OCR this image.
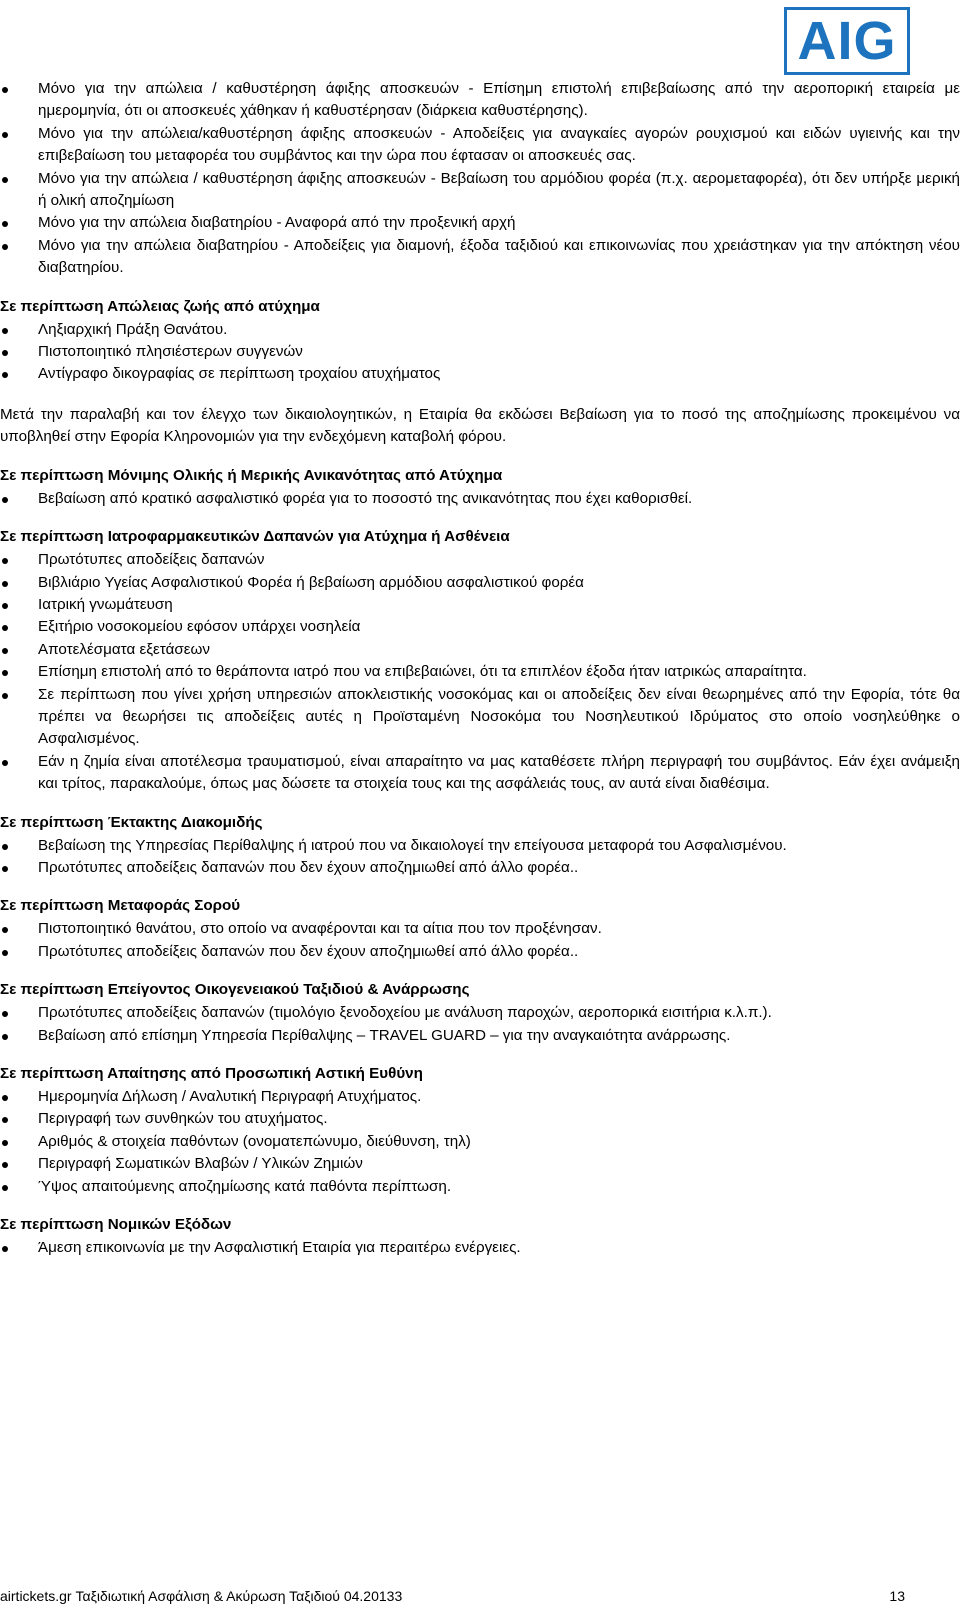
AIG
Μόνο για την απώλεια / καθυστέρηση άφιξης αποσκευών - Επίσημη επιστολή επιβεβαίωσης από την αεροπορική εταιρεία με ημερομηνία, ότι οι αποσκευές χάθηκαν ή καθυστέρησαν (διάρκεια καθυστέρησης).
Μόνο για την απώλεια/καθυστέρηση άφιξης αποσκευών - Αποδείξεις για αναγκαίες αγορών ρουχισμού και ειδών υγιεινής και την επιβεβαίωση του μεταφορέα του συμβάντος και την ώρα που έφτασαν οι αποσκευές σας.
Μόνο για την απώλεια / καθυστέρηση άφιξης αποσκευών - Βεβαίωση του αρμόδιου φορέα (π.χ. αερομεταφορέα), ότι δεν υπήρξε μερική ή ολική αποζημίωση
Μόνο για την απώλεια διαβατηρίου - Αναφορά από την προξενική αρχή
Μόνο για την απώλεια διαβατηρίου - Αποδείξεις για διαμονή, έξοδα ταξιδιού και επικοινωνίας που χρειάστηκαν για την απόκτηση νέου διαβατηρίου.
Σε περίπτωση Απώλειας ζωής από ατύχημα
Ληξιαρχική Πράξη Θανάτου.
Πιστοποιητικό πλησιέστερων συγγενών
Αντίγραφο δικογραφίας σε περίπτωση τροχαίου ατυχήματος
Μετά την παραλαβή και τον έλεγχο των δικαιολογητικών, η Εταιρία θα εκδώσει Βεβαίωση για το ποσό της αποζημίωσης προκειμένου να υποβληθεί στην Εφορία Κληρονομιών για την ενδεχόμενη καταβολή φόρου.
Σε περίπτωση Μόνιμης Ολικής ή Μερικής Ανικανότητας από Ατύχημα
Βεβαίωση από κρατικό ασφαλιστικό φορέα για το ποσοστό της ανικανότητας που έχει καθορισθεί.
Σε περίπτωση Ιατροφαρμακευτικών Δαπανών για Ατύχημα ή Ασθένεια
Πρωτότυπες αποδείξεις δαπανών
Βιβλιάριο Υγείας Ασφαλιστικού Φορέα ή βεβαίωση αρμόδιου ασφαλιστικού φορέα
Ιατρική γνωμάτευση
Εξιτήριο νοσοκομείου εφόσον υπάρχει νοσηλεία
Αποτελέσματα εξετάσεων
Επίσημη επιστολή από το θεράποντα ιατρό που να επιβεβαιώνει, ότι τα επιπλέον έξοδα ήταν ιατρικώς απαραίτητα.
Σε περίπτωση που γίνει χρήση υπηρεσιών αποκλειστικής νοσοκόμας και οι αποδείξεις δεν είναι θεωρημένες από την Εφορία, τότε θα πρέπει να θεωρήσει τις αποδείξεις αυτές η Προϊσταμένη Νοσοκόμα του Νοσηλευτικού Ιδρύματος στο οποίο νοσηλεύθηκε ο Ασφαλισμένος.
Εάν η ζημία είναι αποτέλεσμα τραυματισμού, είναι απαραίτητο να μας καταθέσετε πλήρη περιγραφή του συμβάντος. Εάν έχει ανάμειξη και τρίτος, παρακαλούμε, όπως μας δώσετε τα στοιχεία τους και της ασφάλειάς τους, αν αυτά είναι διαθέσιμα.
Σε περίπτωση Έκτακτης Διακομιδής
Βεβαίωση της Υπηρεσίας Περίθαλψης ή ιατρού που να δικαιολογεί την επείγουσα μεταφορά του Ασφαλισμένου.
Πρωτότυπες αποδείξεις δαπανών που δεν έχουν αποζημιωθεί από άλλο φορέα..
Σε περίπτωση Μεταφοράς Σορού
Πιστοποιητικό θανάτου, στο οποίο να αναφέρονται και τα αίτια που τον προξένησαν.
Πρωτότυπες αποδείξεις δαπανών που δεν έχουν αποζημιωθεί από άλλο φορέα..
Σε περίπτωση Επείγοντος Οικογενειακού Ταξιδιού & Ανάρρωσης
Πρωτότυπες αποδείξεις δαπανών (τιμολόγιο ξενοδοχείου με ανάλυση παροχών, αεροπορικά εισιτήρια κ.λ.π.).
Βεβαίωση από επίσημη Υπηρεσία Περίθαλψης – TRAVEL GUARD – για την αναγκαιότητα ανάρρωσης.
Σε περίπτωση Απαίτησης από Προσωπική Αστική Ευθύνη
Ημερομηνία Δήλωση / Αναλυτική Περιγραφή Ατυχήματος.
Περιγραφή των συνθηκών του ατυχήματος.
Αριθμός & στοιχεία παθόντων (ονοματεπώνυμο, διεύθυνση, τηλ)
Περιγραφή Σωματικών Βλαβών / Υλικών Ζημιών
Ύψος απαιτούμενης αποζημίωσης κατά παθόντα περίπτωση.
Σε περίπτωση Νομικών Εξόδων
Άμεση επικοινωνία με την Ασφαλιστική Εταιρία για περαιτέρω ενέργειες.
airtickets.gr Ταξιδιωτική Ασφάλιση & Ακύρωση Ταξιδιού 04.20133	13
